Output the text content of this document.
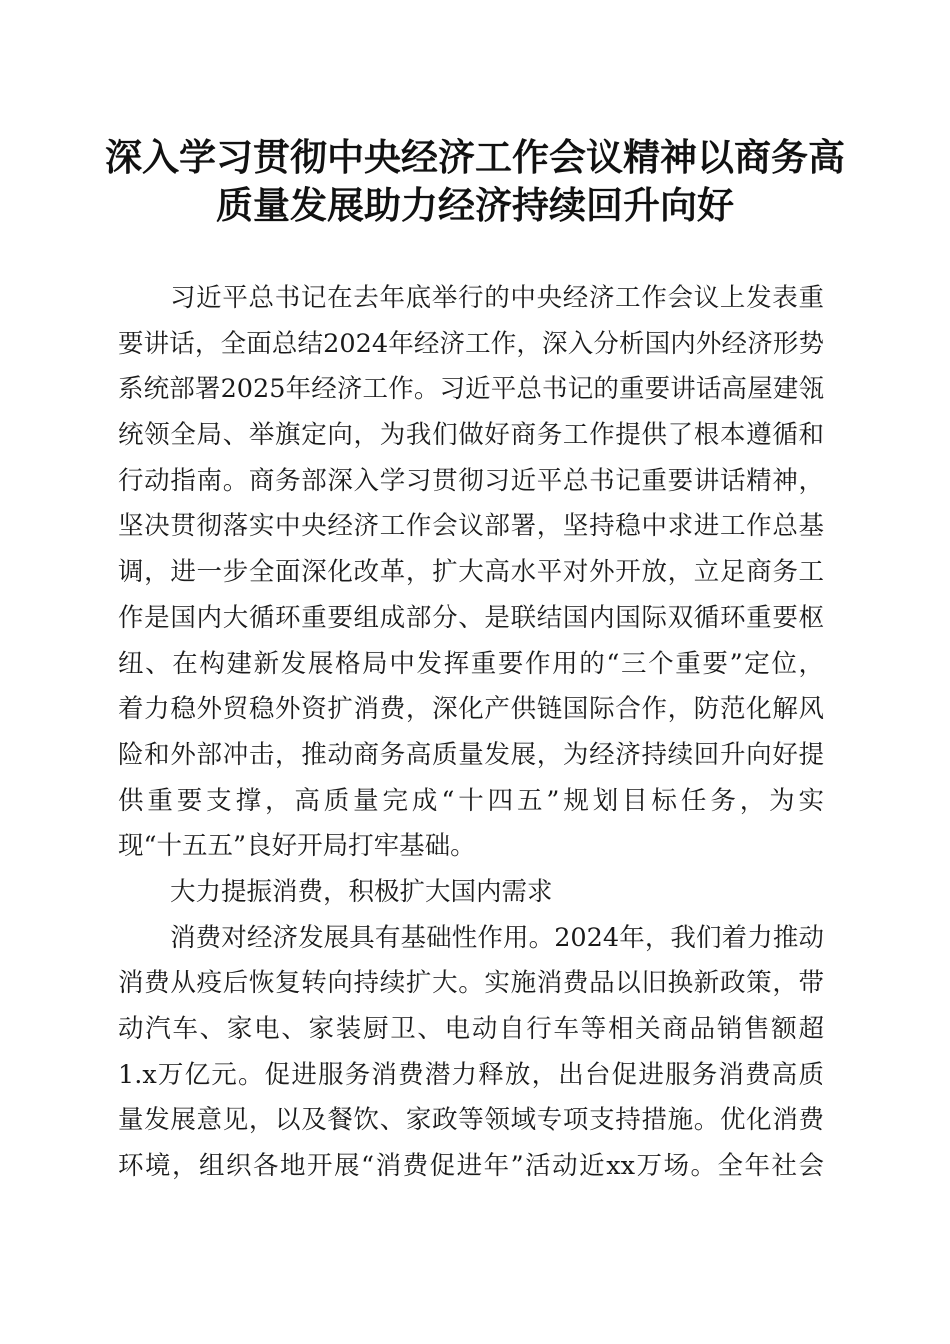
深入学习贯彻中央经济工作会议精神以商务高
质量发展助力经济持续回升向好
习近平总书记在去年底举行的中央经济工作会议上发表重
要讲话，全面总结2024年经济工作，深入分析国内外经济形势
系统部署2025年经济工作。习近平总书记的重要讲话高屋建瓴
统领全局、举旗定向，为我们做好商务工作提供了根本遵循和
行动指南。商务部深入学习贯彻习近平总书记重要讲话精神，
坚决贯彻落实中央经济工作会议部署，坚持稳中求进工作总基
调，进一步全面深化改革，扩大高水平对外开放，立足商务工
作是国内大循环重要组成部分、是联结国内国际双循环重要枢
纽、在构建新发展格局中发挥重要作用的“三个重要”定位，
着力稳外贸稳外资扩消费，深化产供链国际合作，防范化解风
险和外部冲击，推动商务高质量发展，为经济持续回升向好提
供重要支撑，高质量完成“十四五”规划目标任务，为实
现“十五五”良好开局打牢基础。
大力提振消费，积极扩大国内需求
消费对经济发展具有基础性作用。2024年，我们着力推动
消费从疫后恢复转向持续扩大。实施消费品以旧换新政策，带
动汽车、家电、家装厨卫、电动自行车等相关商品销售额超
1.x万亿元。促进服务消费潜力释放，出台促进服务消费高质
量发展意见，以及餐饮、家政等领域专项支持措施。优化消费
环境，组织各地开展“消费促进年”活动近xx万场。全年社会
